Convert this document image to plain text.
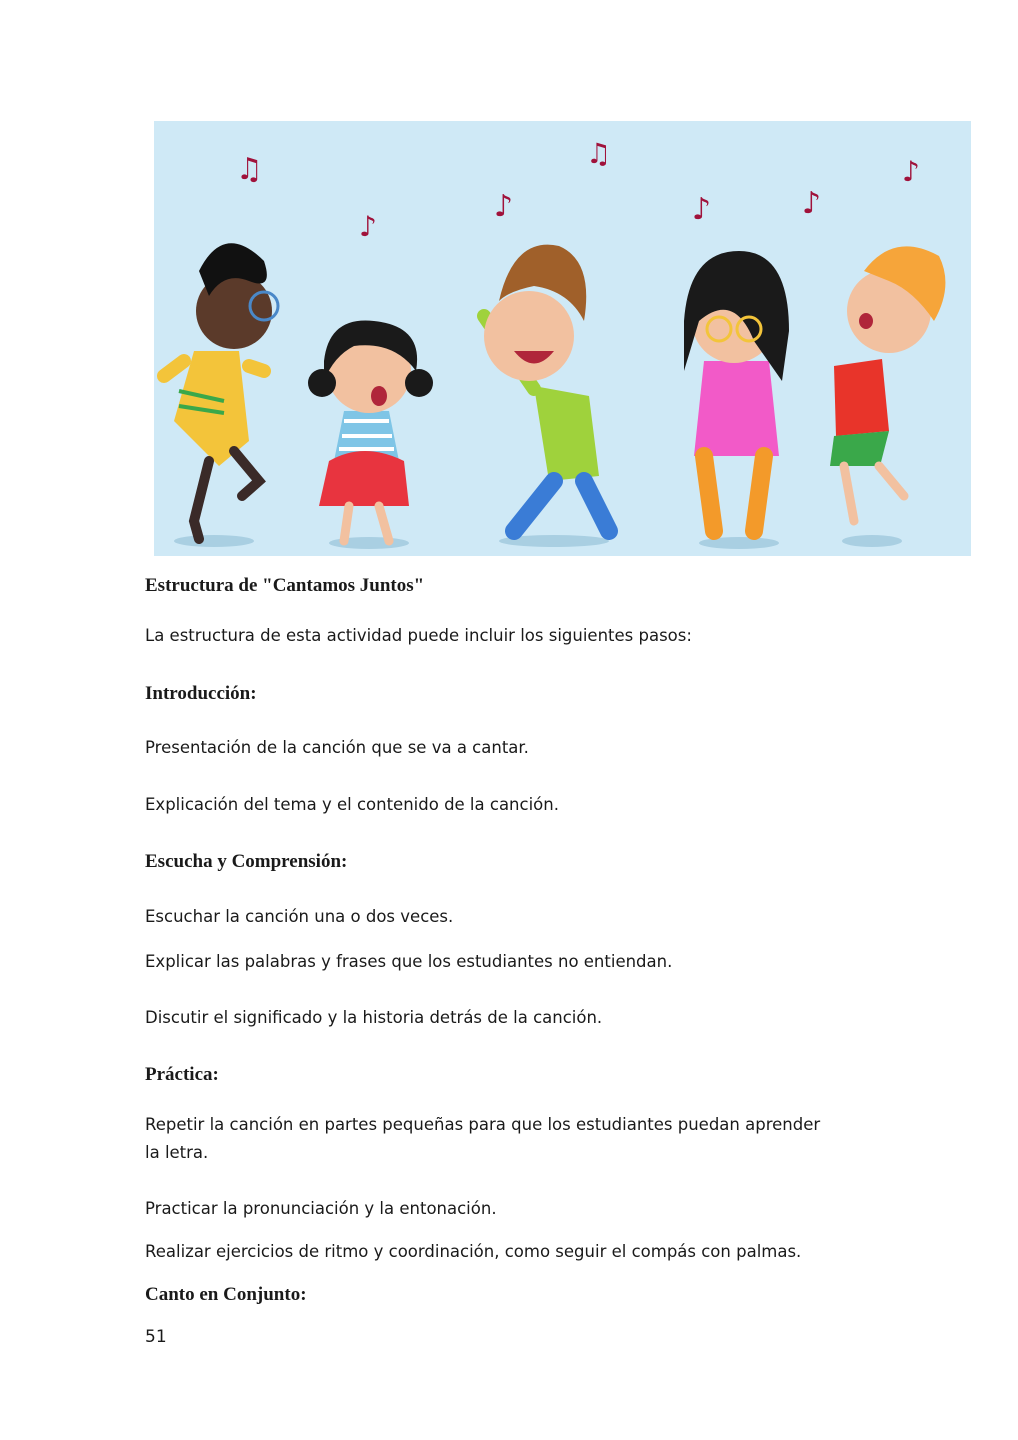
♫
♪
♫
♪	♪	♪
♪
Estructura de "Cantamos Juntos"

La estructura de esta actividad puede incluir los siguientes pasos:

Introducción:

Presentación de la canción que se va a cantar.

Explicación del tema y el contenido de la canción.

Escucha y Comprensión:

Escuchar la canción una o dos veces.

Explicar las palabras y frases que los estudiantes no entiendan.

Discutir el significado y la historia detrás de la canción.

Práctica:

Repetir la canción en partes pequeñas para que los estudiantes puedan aprender la letra.

Practicar la pronunciación y la entonación.

Realizar ejercicios de ritmo y coordinación, como seguir el compás con palmas.

Canto en Conjunto:
51
